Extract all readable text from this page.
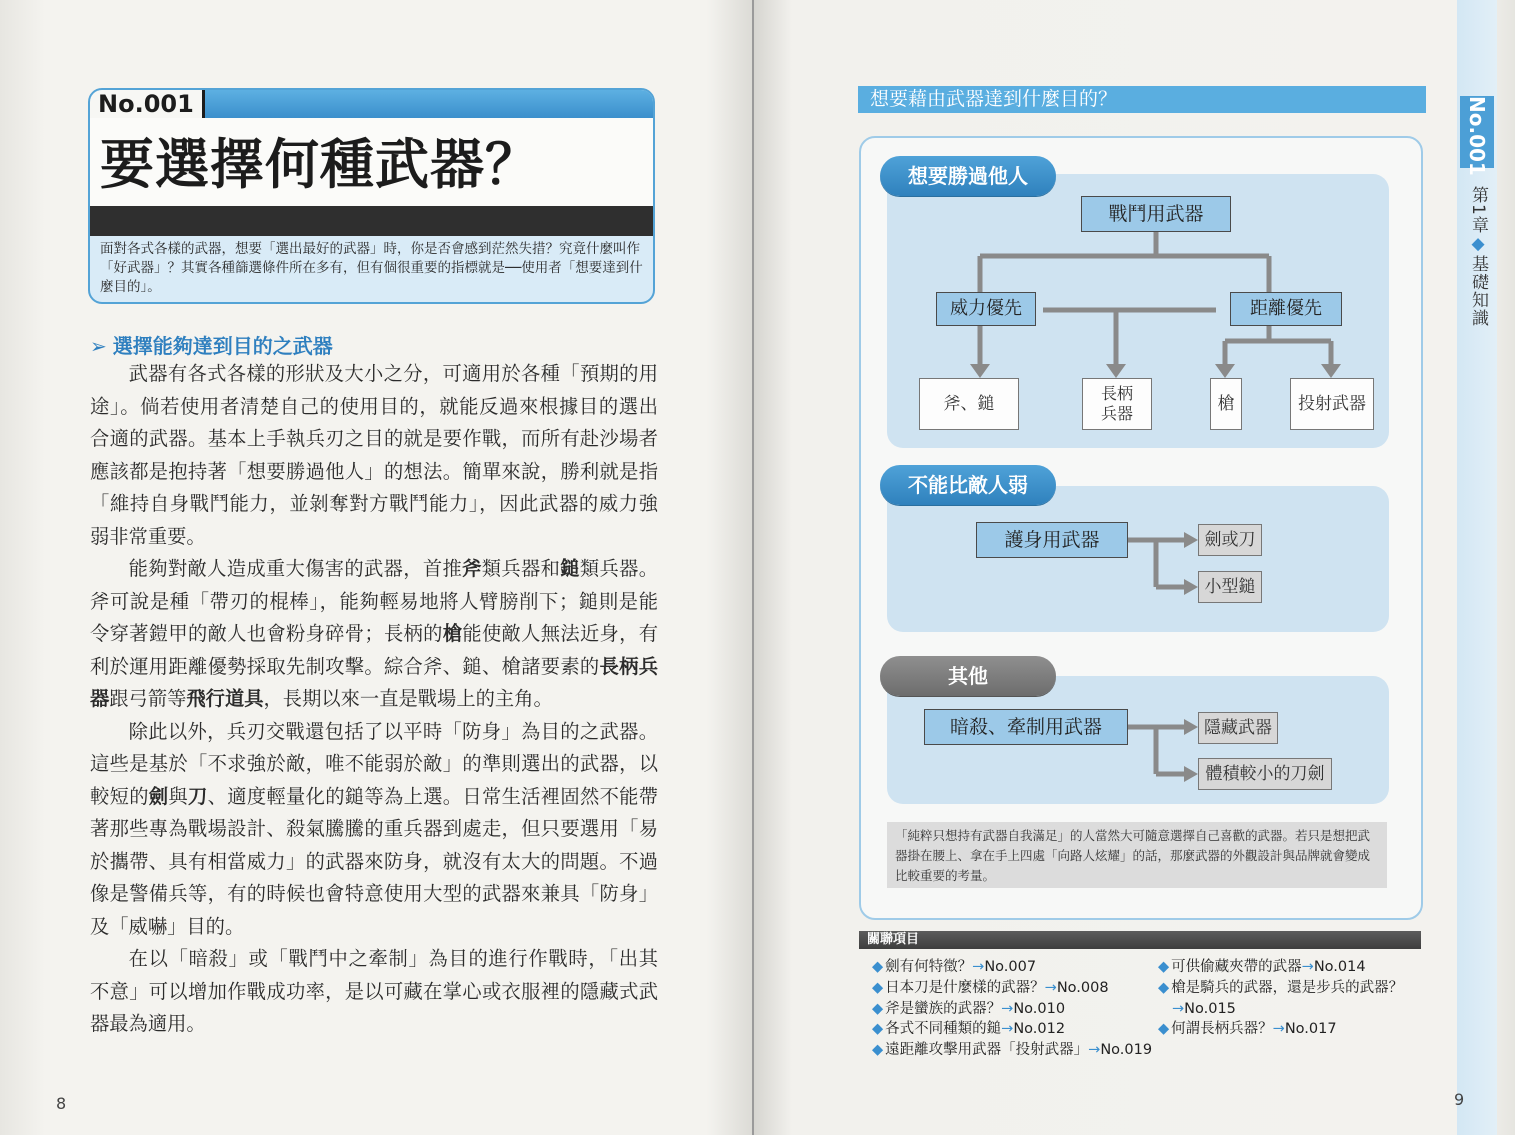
No.001
要選擇何種武器？
面對各式各樣的武器，想要「選出最好的武器」時，你是否會感到茫然失措？究竟什麼叫作「好武器」？其實各種篩選條件所在多有，但有個很重要的指標就是──使用者「想要達到什麼目的」。
➢ 選擇能夠達到目的之武器

武器有各式各樣的形狀及大小之分，可適用於各種「預期的用途」。倘若使用者清楚自己的使用目的，就能反過來根據目的選出合適的武器。基本上手執兵刃之目的就是要作戰，而所有赴沙場者應該都是抱持著「想要勝過他人」的想法。簡單來說，勝利就是指「維持自身戰鬥能力，並剝奪對方戰鬥能力」，因此武器的威力強弱非常重要。

能夠對敵人造成重大傷害的武器，首推斧類兵器和鎚類兵器。斧可說是種「帶刃的棍棒」，能夠輕易地將人臂膀削下；鎚則是能令穿著鎧甲的敵人也會粉身碎骨；長柄的槍能使敵人無法近身，有利於運用距離優勢採取先制攻擊。綜合斧、鎚、槍諸要素的長柄兵器跟弓箭等飛行道具，長期以來一直是戰場上的主角。

除此以外，兵刃交戰還包括了以平時「防身」為目的之武器。這些是基於「不求強於敵，唯不能弱於敵」的準則選出的武器，以較短的劍與刀、適度輕量化的鎚等為上選。日常生活裡固然不能帶著那些專為戰場設計、殺氣騰騰的重兵器到處走，但只要選用「易於攜帶、具有相當威力」的武器來防身，就沒有太大的問題。不過像是警備兵等，有的時候也會特意使用大型的武器來兼具「防身」及「威嚇」目的。

在以「暗殺」或「戰鬥中之牽制」為目的進行作戰時，「出其不意」可以增加作戰成功率，是以可藏在掌心或衣服裡的隱藏式武器最為適用。

8
想要藉由武器達到什麼目的？
想要勝過他人
戰鬥用武器
威力優先	距離優先
斧、鎚
長柄
兵器	槍	投射武器
不能比敵人弱
護身用武器	劍或刀
小型鎚
其他
暗殺、牽制用武器	隱藏武器
體積較小的刀劍
「純粹只想持有武器自我滿足」的人當然大可隨意選擇自己喜歡的武器。若只是想把武器掛在腰上、拿在手上四處「向路人炫耀」的話，那麼武器的外觀設計與品牌就會變成比較重要的考量。
關聯項目
◆ 劍有何特徵？→No.007
◆ 日本刀是什麼樣的武器？→No.008
◆ 斧是蠻族的武器？→No.010
◆ 各式不同種類的鎚→No.012
◆ 遠距離攻擊用武器「投射武器」→No.019
◆ 可供偷藏夾帶的武器→No.014
◆ 槍是騎兵的武器，還是步兵的武器？
→No.015
◆ 何謂長柄兵器？→No.017
No.001
第1章◆基礎知識
9
